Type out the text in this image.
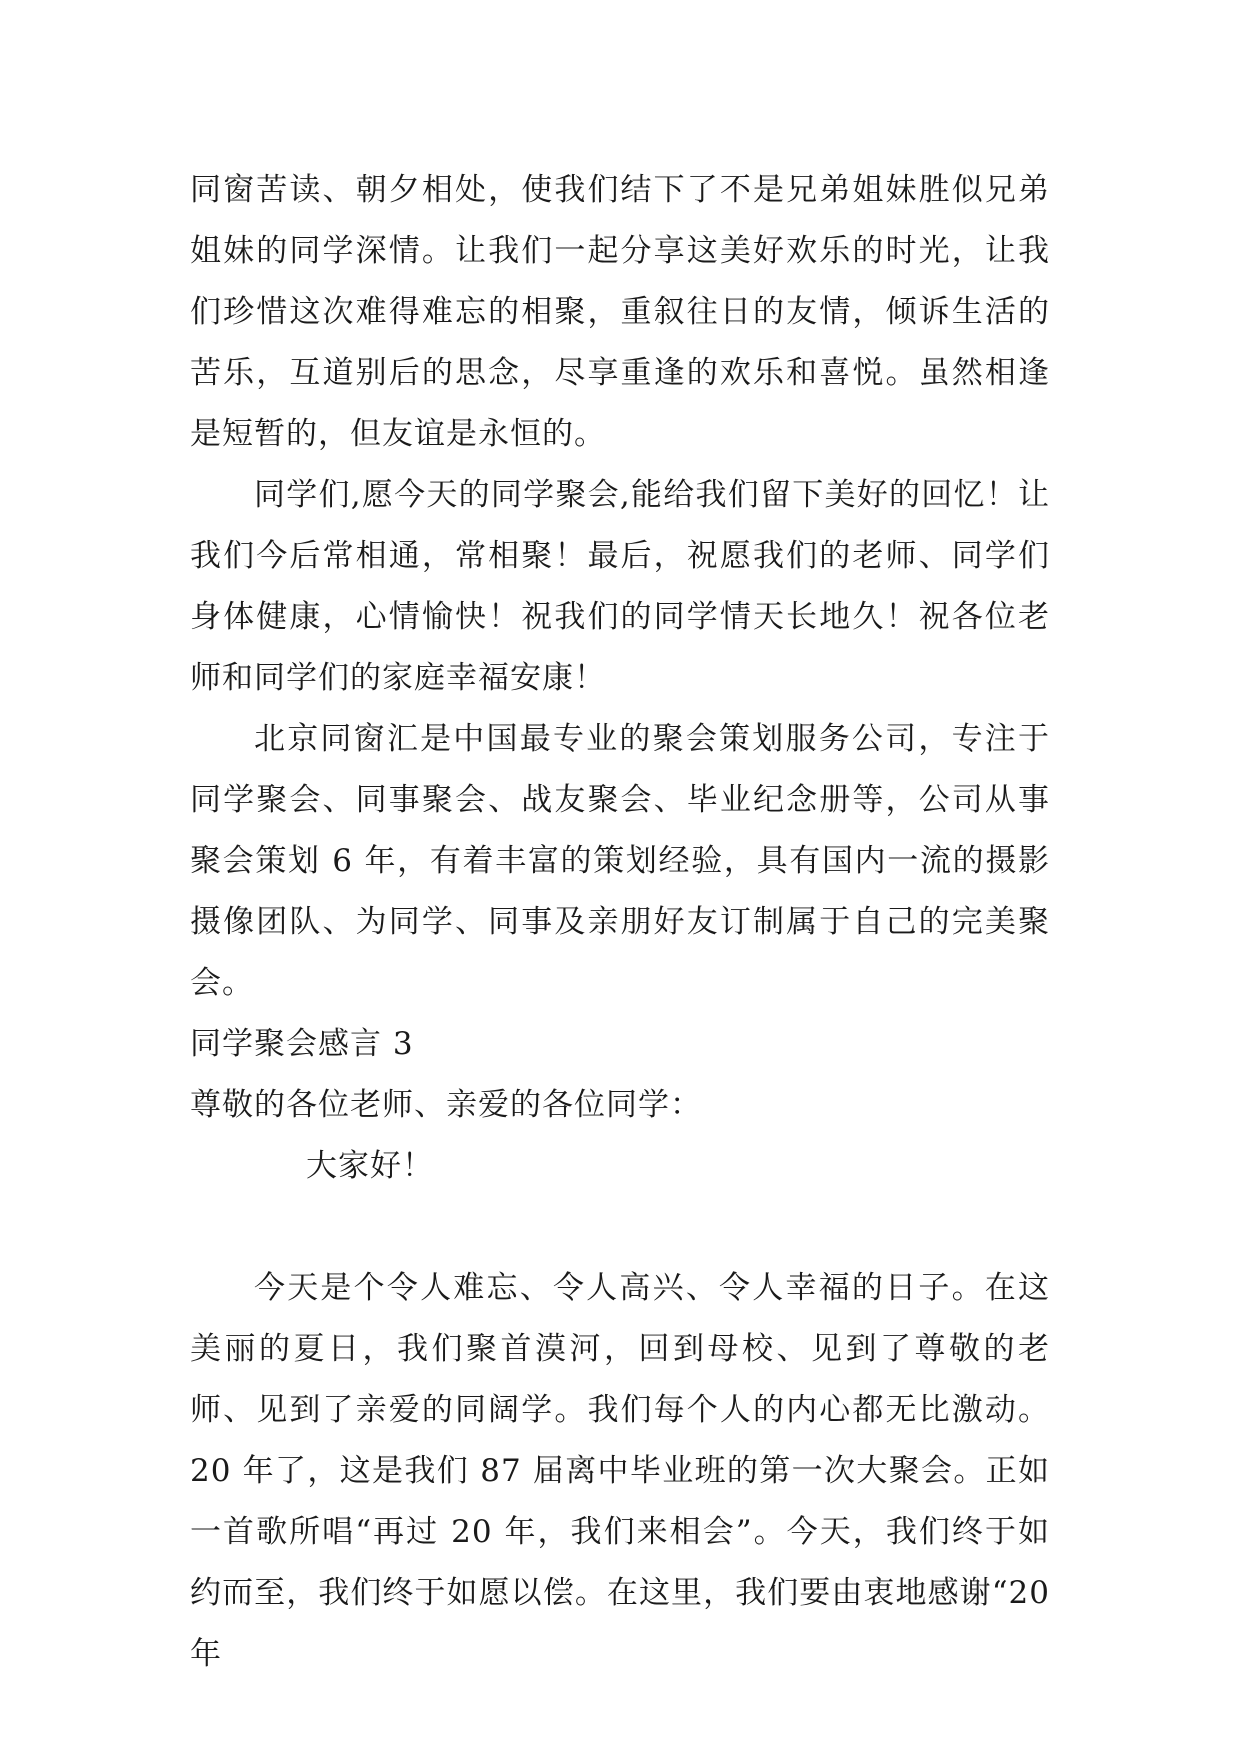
同窗苦读、朝夕相处，使我们结下了不是兄弟姐妹胜似兄弟姐妹的同学深情。让我们一起分享这美好欢乐的时光，让我们珍惜这次难得难忘的相聚，重叙往日的友情，倾诉生活的苦乐，互道别后的思念，尽享重逢的欢乐和喜悦。虽然相逢是短暂的，但友谊是永恒的。

同学们,愿今天的同学聚会,能给我们留下美好的回忆！让我们今后常相通，常相聚！最后，祝愿我们的老师、同学们身体健康，心情愉快！祝我们的同学情天长地久！祝各位老师和同学们的家庭幸福安康！

北京同窗汇是中国最专业的聚会策划服务公司，专注于同学聚会、同事聚会、战友聚会、毕业纪念册等，公司从事聚会策划 6 年，有着丰富的策划经验，具有国内一流的摄影摄像团队、为同学、同事及亲朋好友订制属于自己的完美聚会。

同学聚会感言 3

尊敬的各位老师、亲爱的各位同学：

大家好！

今天是个令人难忘、令人高兴、令人幸福的日子。在这美丽的夏日，我们聚首漠河，回到母校、见到了尊敬的老师、见到了亲爱的同阔学。我们每个人的内心都无比激动。20 年了，这是我们 87 届离中毕业班的第一次大聚会。正如一首歌所唱“再过 20 年，我们来相会”。今天，我们终于如约而至，我们终于如愿以偿。在这里，我们要由衷地感谢“20 年
